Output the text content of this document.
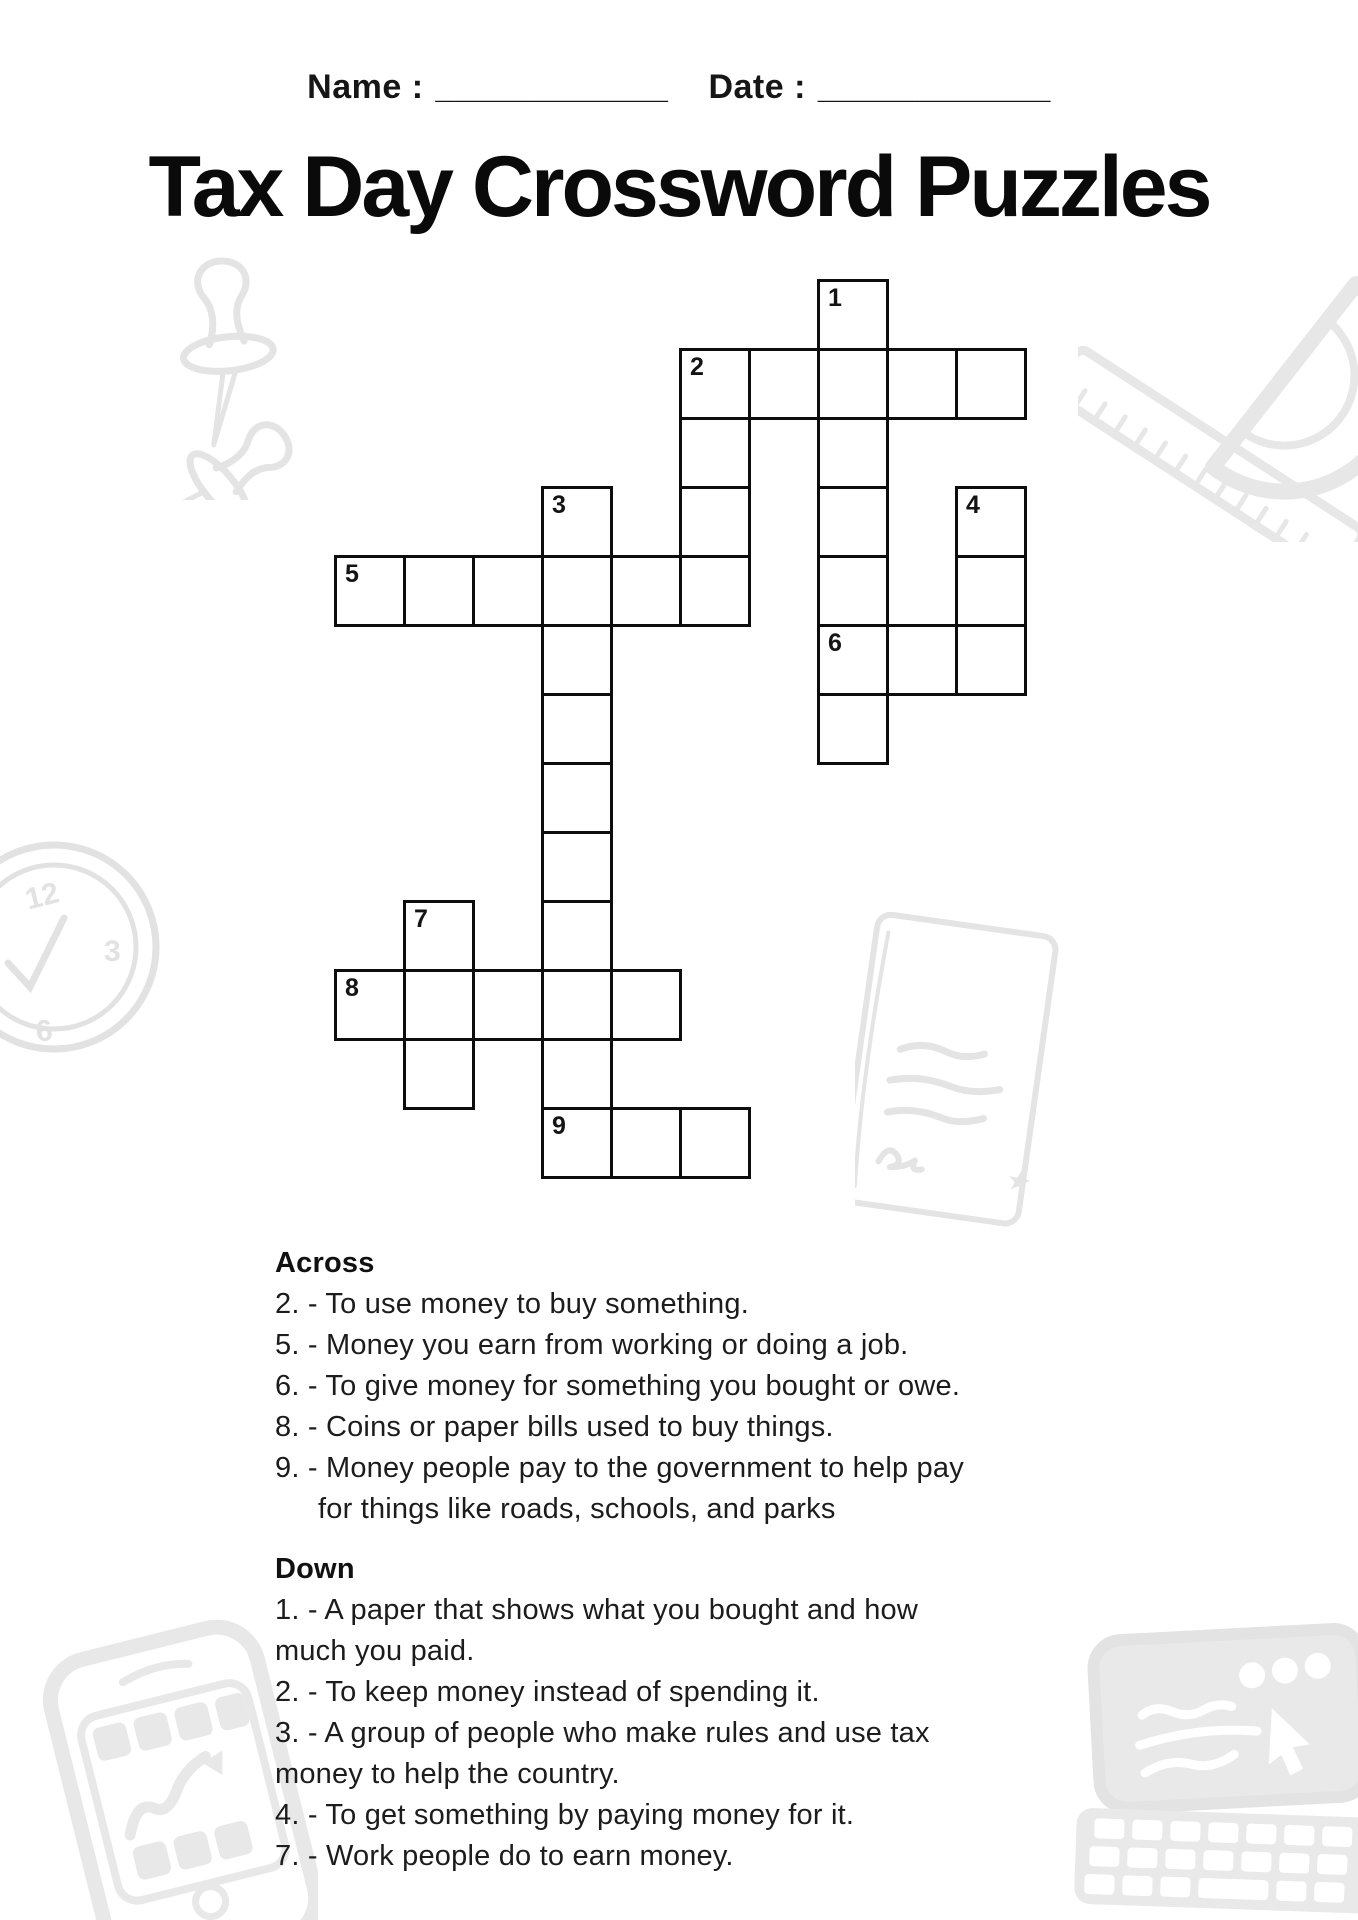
12
3
6
★
Name : ____________ Date : ____________
Tax Day Crossword Puzzles
1
2
3	4
5
6
7
8
9
Across
2. - To use money to buy something.
5. - Money you earn from working or doing a job.
6. - To give money for something you bought or owe.
8. - Coins or paper bills used to buy things.
9. - Money people pay to the government to help pay
for things like roads, schools, and parks
Down
1. - A paper that shows what you bought and how
much you paid.
2. - To keep money instead of spending it.
3. - A group of people who make rules and use tax
money to help the country.
4. - To get something by paying money for it.
7. - Work people do to earn money.
